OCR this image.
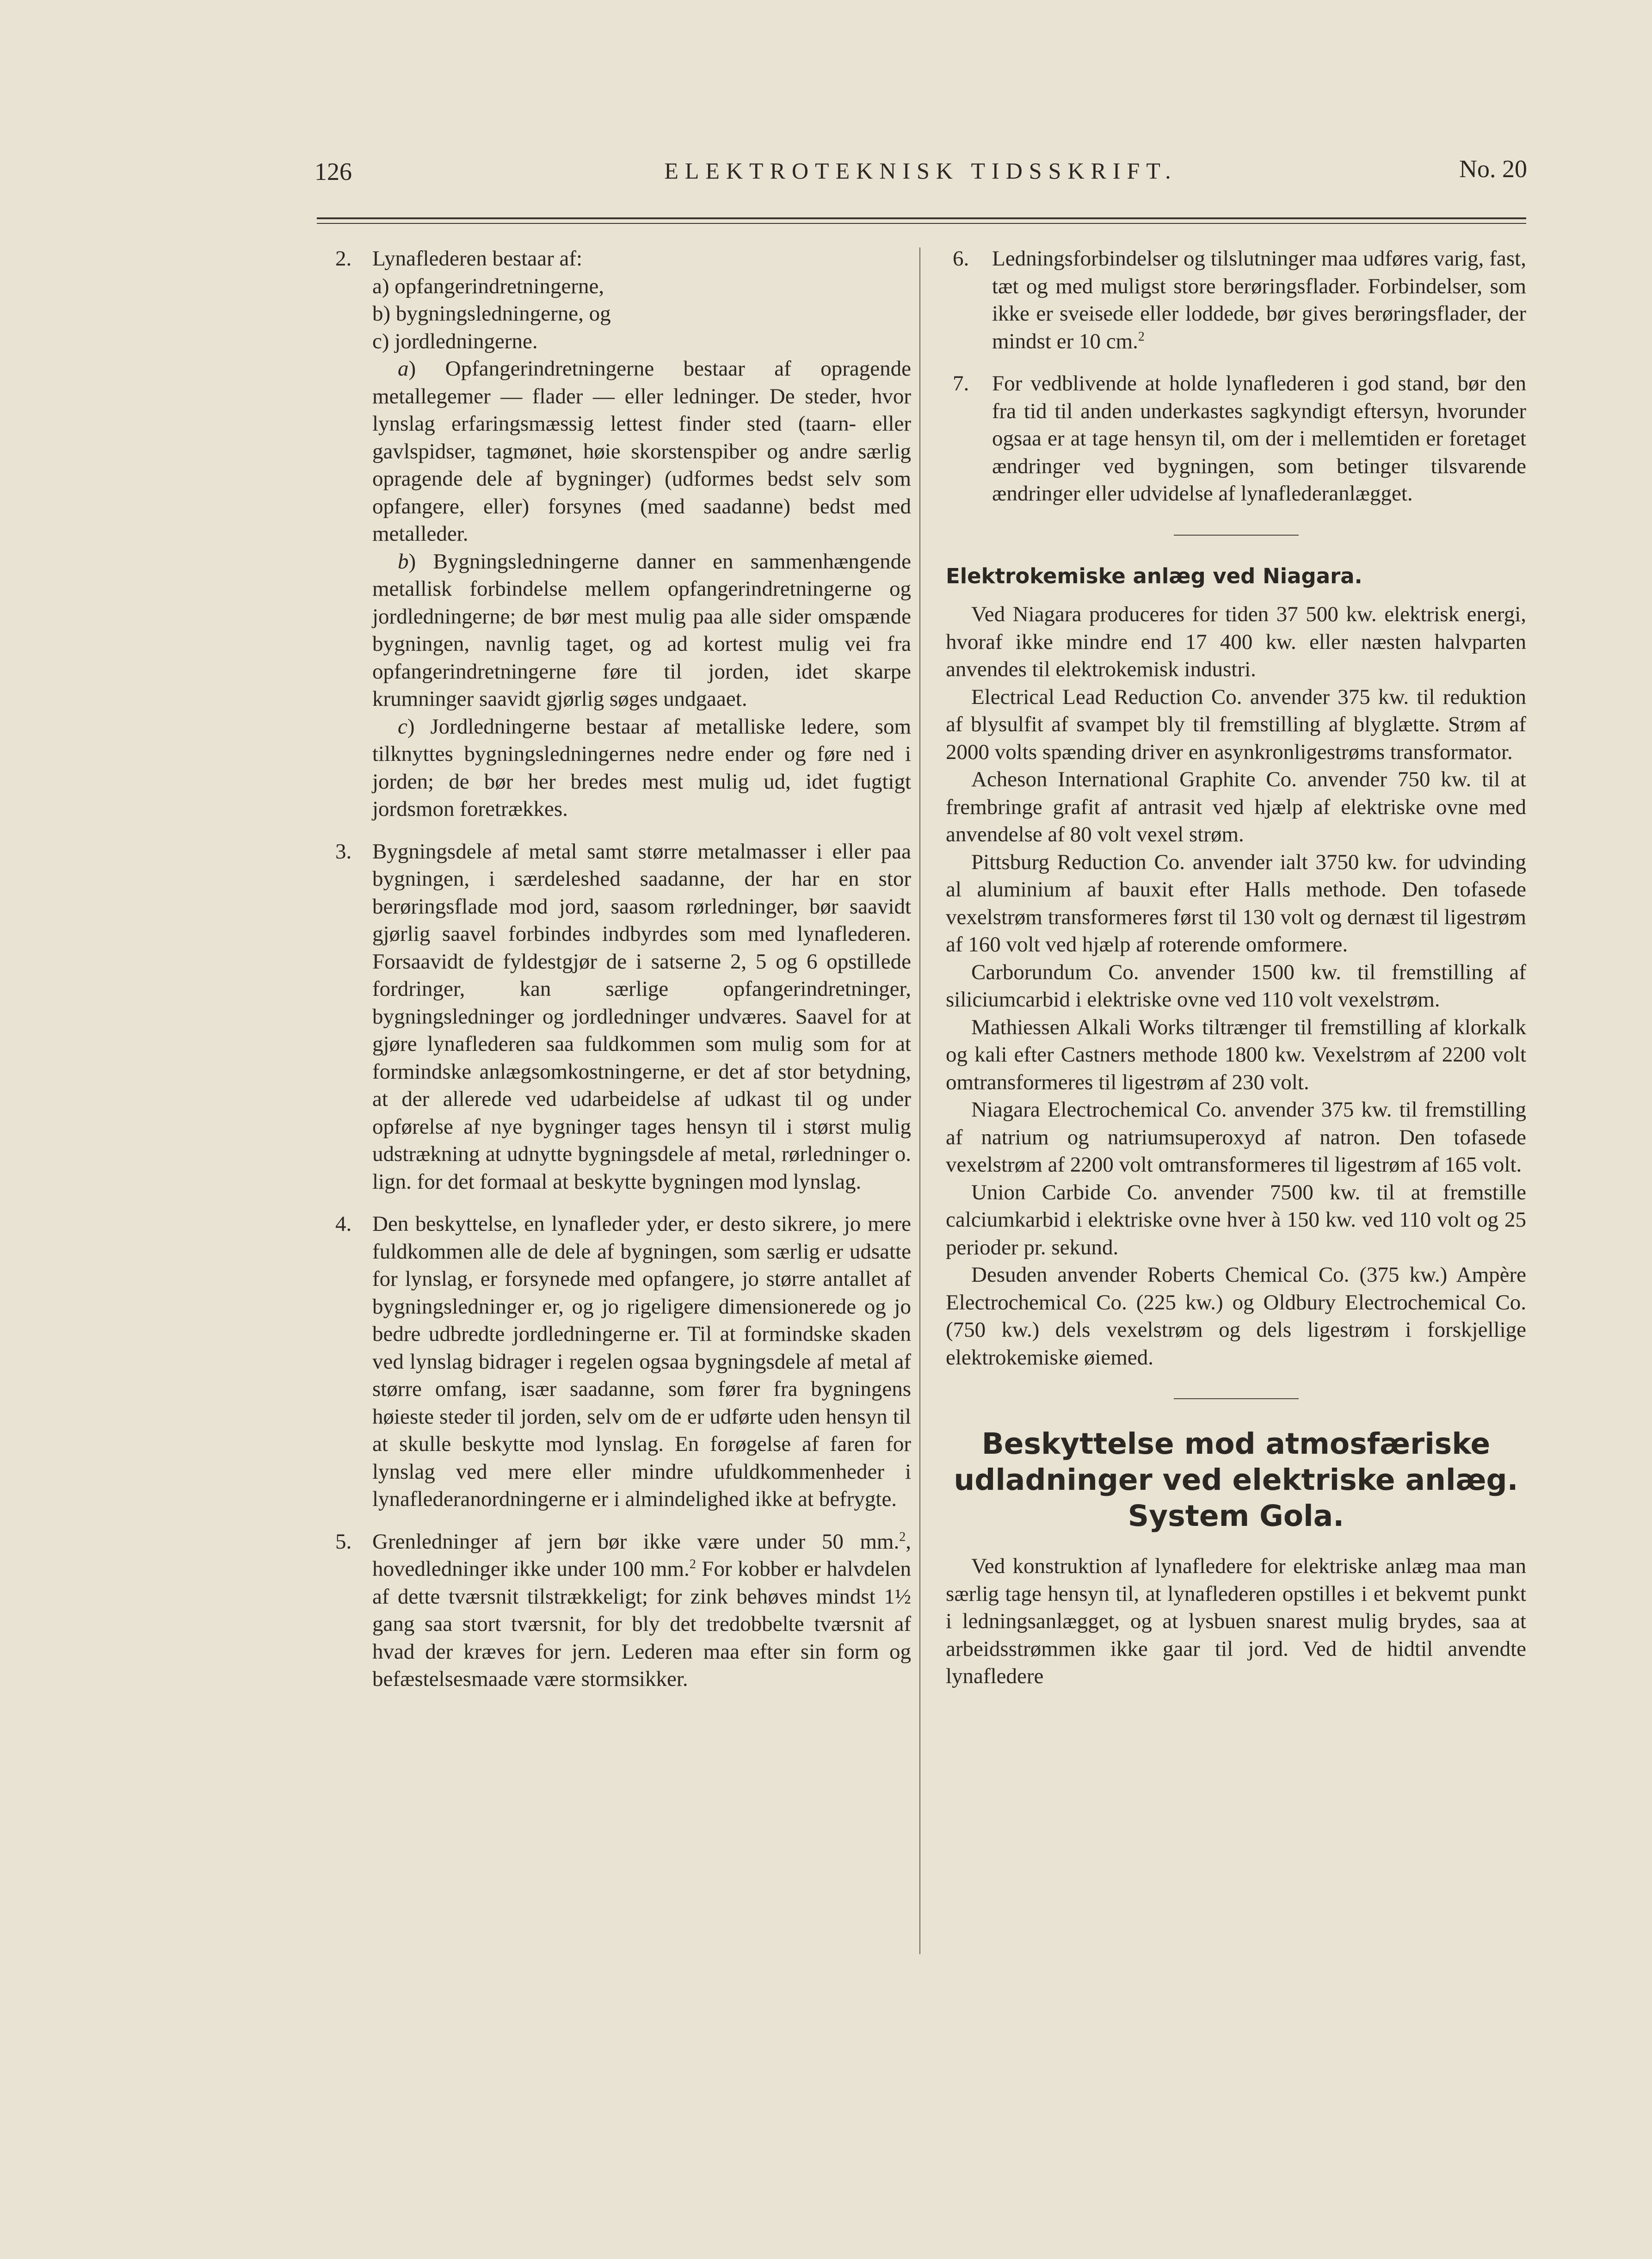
126	ELEKTROTEKNISK TIDSSKRIFT.	No. 20
2. Lynaflederen bestaar af:

a) opfangerindretningerne,

b) bygningsledningerne, og

c) jordledningerne.

a) Opfangerindretningerne bestaar af opragende metallegemer — flader — eller ledninger. De steder, hvor lynslag erfaringsmæssig lettest finder sted (taarn- eller gavlspidser, tagmønet, høie skorstenspiber og andre særlig opragende dele af bygninger) (udformes bedst selv som opfangere, eller) forsynes (med saadanne) bedst med metalleder.

b) Bygningsledningerne danner en sammenhængende metallisk forbindelse mellem opfangerindretningerne og jordledningerne; de bør mest mulig paa alle sider omspænde bygningen, navnlig taget, og ad kortest mulig vei fra opfangerindretningerne føre til jorden, idet skarpe krumninger saavidt gjørlig søges undgaaet.

c) Jordledningerne bestaar af metalliske ledere, som tilknyttes bygningsledningernes nedre ender og føre ned i jorden; de bør her bredes mest mulig ud, idet fugtigt jordsmon foretrækkes.

3. Bygningsdele af metal samt større metalmasser i eller paa bygningen, i særdeleshed saadanne, der har en stor berøringsflade mod jord, saasom rørledninger, bør saavidt gjørlig saavel forbindes indbyrdes som med lynaflederen. Forsaavidt de fyldestgjør de i satserne 2, 5 og 6 opstillede fordringer, kan særlige opfangerindretninger, bygningsledninger og jordledninger undværes. Saavel for at gjøre lynaflederen saa fuldkommen som mulig som for at formindske anlægsomkostningerne, er det af stor betydning, at der allerede ved udarbeidelse af udkast til og under opførelse af nye bygninger tages hensyn til i størst mulig udstrækning at udnytte bygningsdele af metal, rørledninger o. lign. for det formaal at beskytte bygningen mod lynslag.

4. Den beskyttelse, en lynafleder yder, er desto sikrere, jo mere fuldkommen alle de dele af bygningen, som særlig er udsatte for lynslag, er forsynede med opfangere, jo større antallet af bygningsledninger er, og jo rigeligere dimensionerede og jo bedre udbredte jordledningerne er. Til at formindske skaden ved lynslag bidrager i regelen ogsaa bygningsdele af metal af større omfang, især saadanne, som fører fra bygningens høieste steder til jorden, selv om de er udførte uden hensyn til at skulle beskytte mod lynslag. En forøgelse af faren for lynslag ved mere eller mindre ufuldkommenheder i lynaflederanordningerne er i almindelighed ikke at befrygte.

5. Grenledninger af jern bør ikke være under 50 mm.$^2$, hovedledninger ikke under 100 mm.$^2$ For kobber er halvdelen af dette tværsnit tilstrækkeligt; for zink behøves mindst 1½ gang saa stort tværsnit, for bly det tredobbelte tværsnit af hvad der kræves for jern. Lederen maa efter sin form og befæstelsesmaade være stormsikker.

6. Ledningsforbindelser og tilslutninger maa udføres varig, fast, tæt og med muligst store berøringsflader. Forbindelser, som ikke er sveisede eller loddede, bør gives berøringsflader, der mindst er 10 cm.$^2$

7. For vedblivende at holde lynaflederen i god stand, bør den fra tid til anden underkastes sagkyndigt eftersyn, hvorunder ogsaa er at tage hensyn til, om der i mellemtiden er foretaget ændringer ved bygningen, som betinger tilsvarende ændringer eller udvidelse af lynaflederanlægget.

Elektrokemiske anlæg ved Niagara.

Ved Niagara produceres for tiden 37 500 kw. elektrisk energi, hvoraf ikke mindre end 17 400 kw. eller næsten halvparten anvendes til elektrokemisk industri.

Electrical Lead Reduction Co. anvender 375 kw. til reduktion af blysulfit af svampet bly til fremstilling af blyglætte. Strøm af 2000 volts spænding driver en asynkronligestrøms transformator.

Acheson International Graphite Co. anvender 750 kw. til at frembringe grafit af antrasit ved hjælp af elektriske ovne med anvendelse af 80 volt vexel strøm.

Pittsburg Reduction Co. anvender ialt 3750 kw. for udvinding al aluminium af bauxit efter Halls methode. Den tofasede vexelstrøm transformeres først til 130 volt og dernæst til ligestrøm af 160 volt ved hjælp af roterende omformere.

Carborundum Co. anvender 1500 kw. til fremstilling af siliciumcarbid i elektriske ovne ved 110 volt vexelstrøm.

Mathiessen Alkali Works tiltrænger til fremstilling af klorkalk og kali efter Castners methode 1800 kw. Vexelstrøm af 2200 volt omtransformeres til ligestrøm af 230 volt.

Niagara Electrochemical Co. anvender 375 kw. til fremstilling af natrium og natriumsuperoxyd af natron. Den tofasede vexelstrøm af 2200 volt omtransformeres til ligestrøm af 165 volt.

Union Carbide Co. anvender 7500 kw. til at fremstille calciumkarbid i elektriske ovne hver à 150 kw. ved 110 volt og 25 perioder pr. sekund.

Desuden anvender Roberts Chemical Co. (375 kw.) Ampère Electrochemical Co. (225 kw.) og Oldbury Electrochemical Co. (750 kw.) dels vexelstrøm og dels ligestrøm i forskjellige elektrokemiske øiemed.

Beskyttelse mod atmosfæriske
udladninger ved elektriske anlæg.
System Gola.

Ved konstruktion af lynafledere for elektriske anlæg maa man særlig tage hensyn til, at lynaflederen opstilles i et bekvemt punkt i ledningsanlægget, og at lysbuen snarest mulig brydes, saa at arbeidsstrømmen ikke gaar til jord. Ved de hidtil anvendte lynafledere
